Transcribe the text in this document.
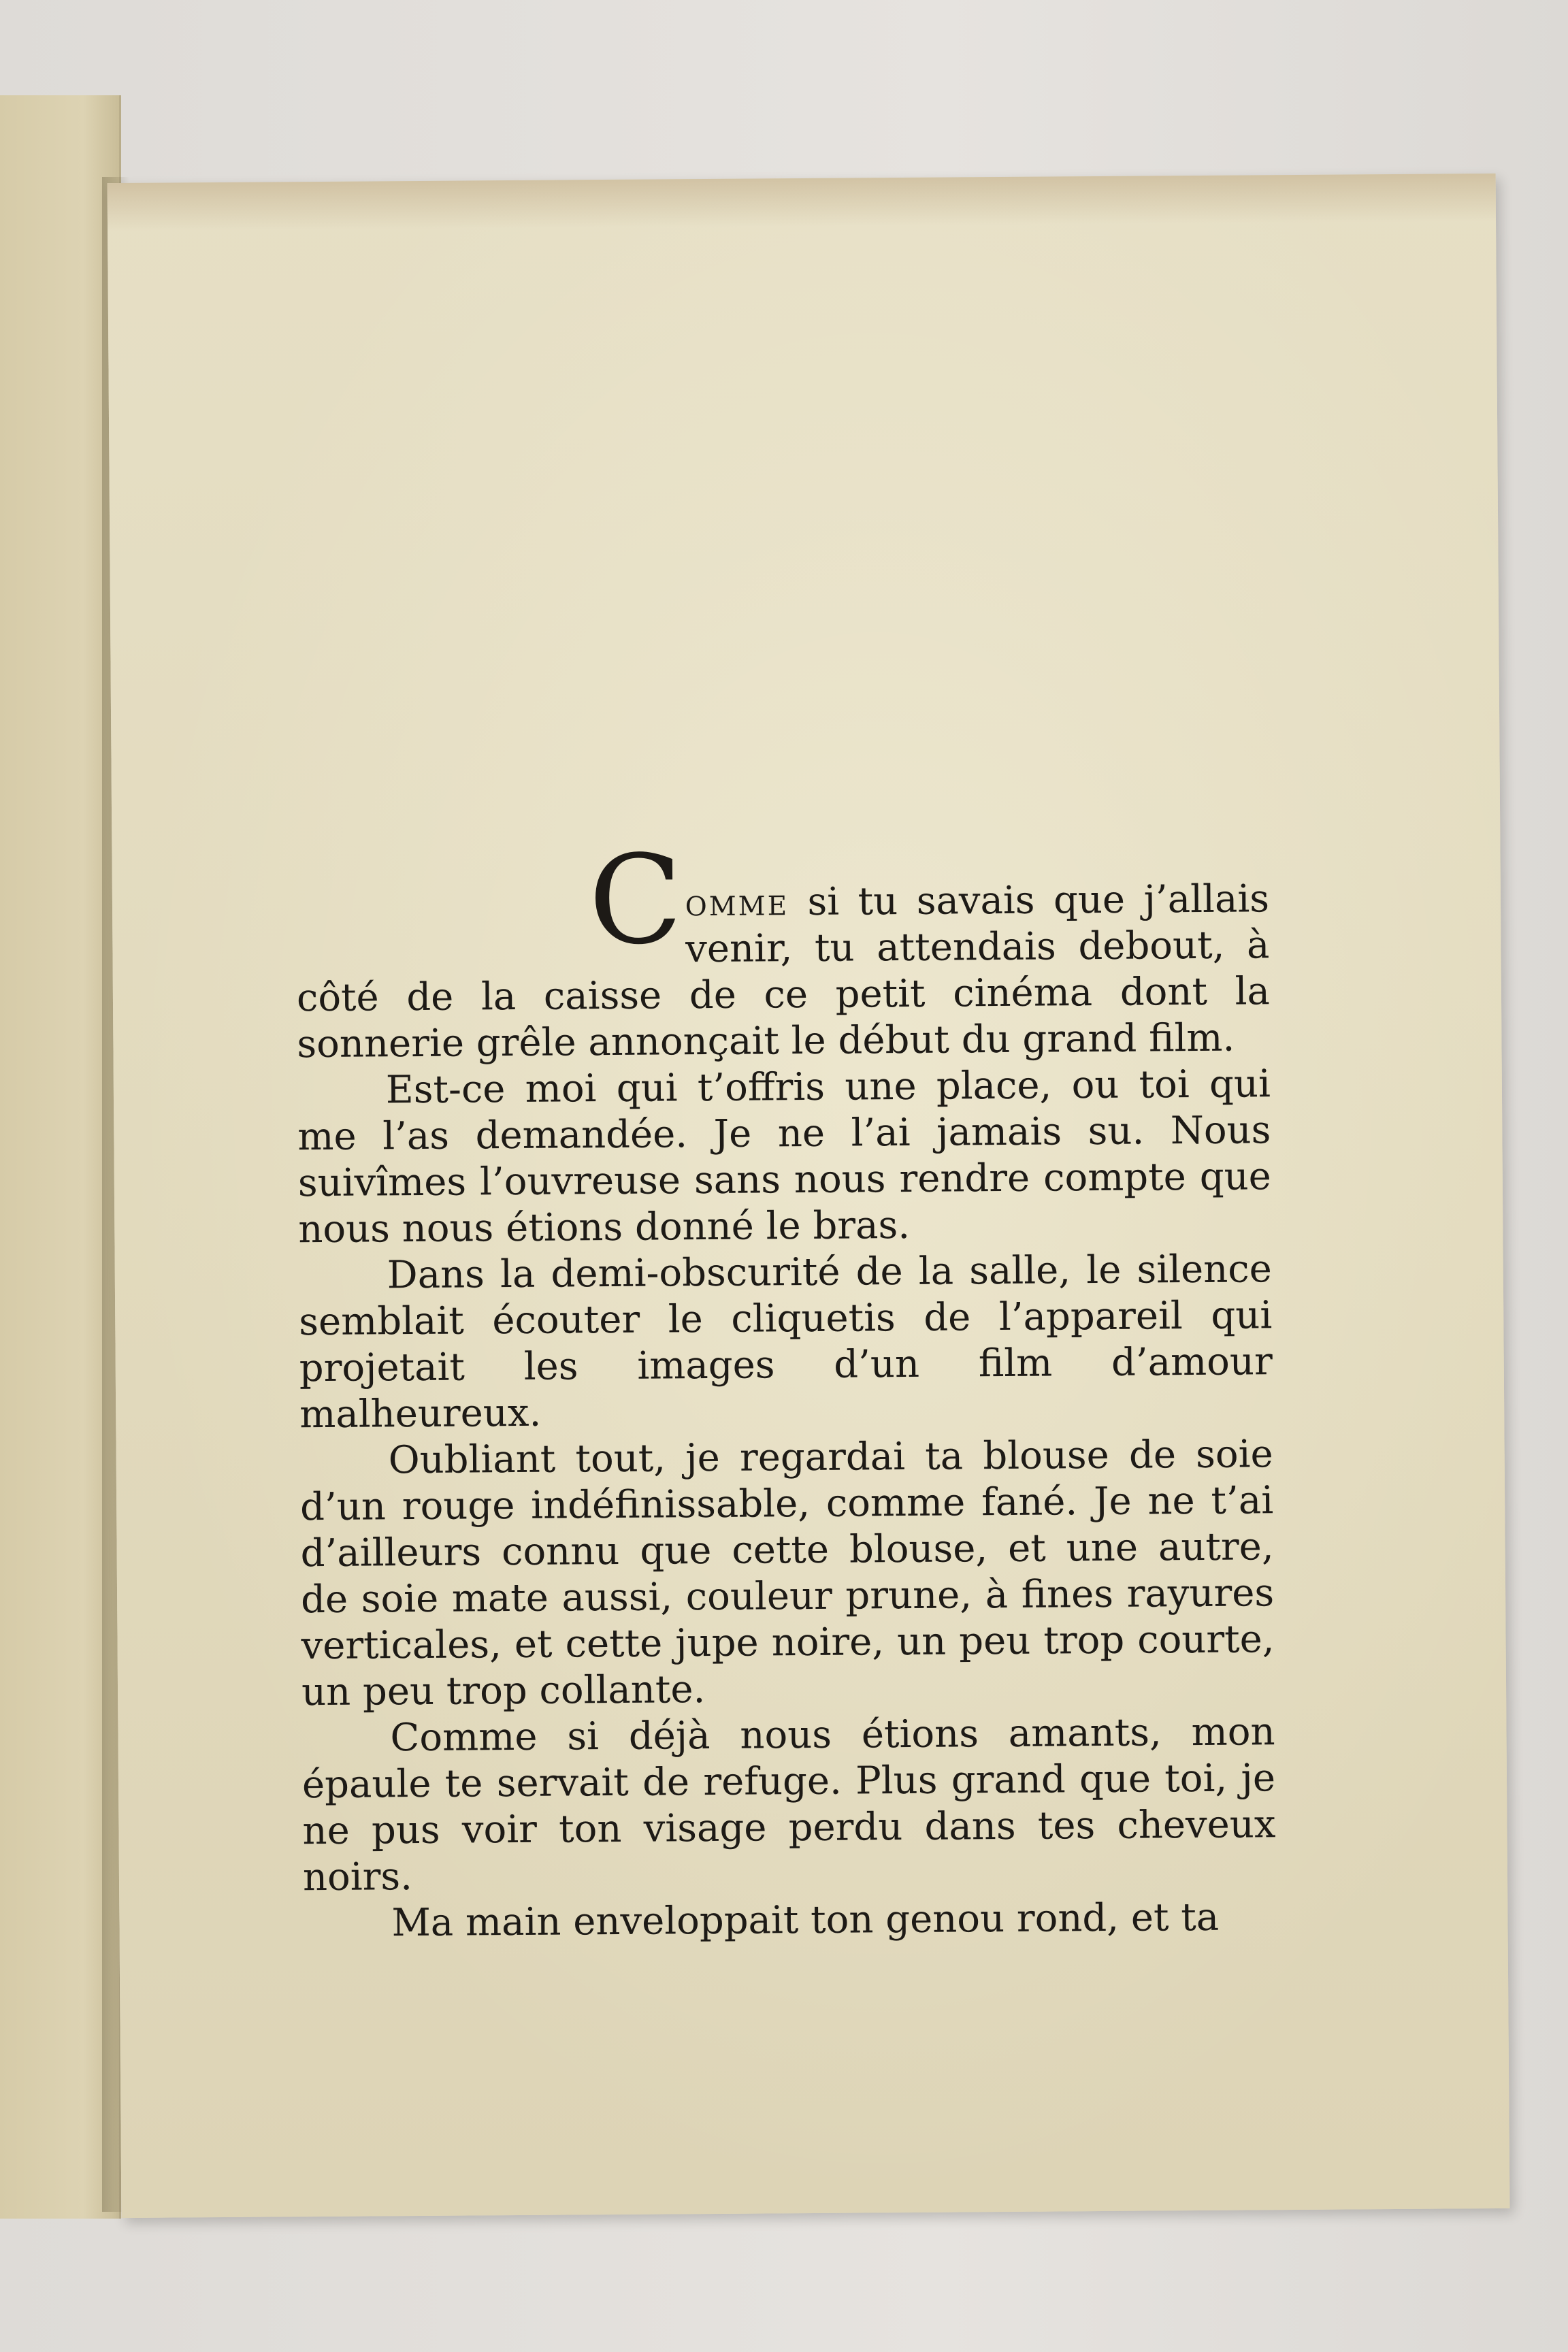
Comme si tu savais que j’allais venir, tu attendais debout, à côté de la caisse de ce petit cinéma dont la sonnerie grêle annonçait le début du grand film.

Est-ce moi qui t’offris une place, ou toi qui me l’as demandée. Je ne l’ai jamais su. Nous suivîmes l’ouvreuse sans nous rendre compte que nous nous étions donné le bras.

Dans la demi-obscurité de la salle, le silence semblait écouter le cliquetis de l’appareil qui projetait les images d’un film d’amour malheureux.

Oubliant tout, je regardai ta blouse de soie d’un rouge indéfinissable, comme fané. Je ne t’ai d’ailleurs connu que cette blouse, et une autre, de soie mate aussi, couleur prune, à fines rayures verticales, et cette jupe noire, un peu trop courte, un peu trop collante.

Comme si déjà nous étions amants, mon épaule te servait de refuge. Plus grand que toi, je ne pus voir ton visage perdu dans tes cheveux noirs.

Ma main enveloppait ton genou rond, et ta
